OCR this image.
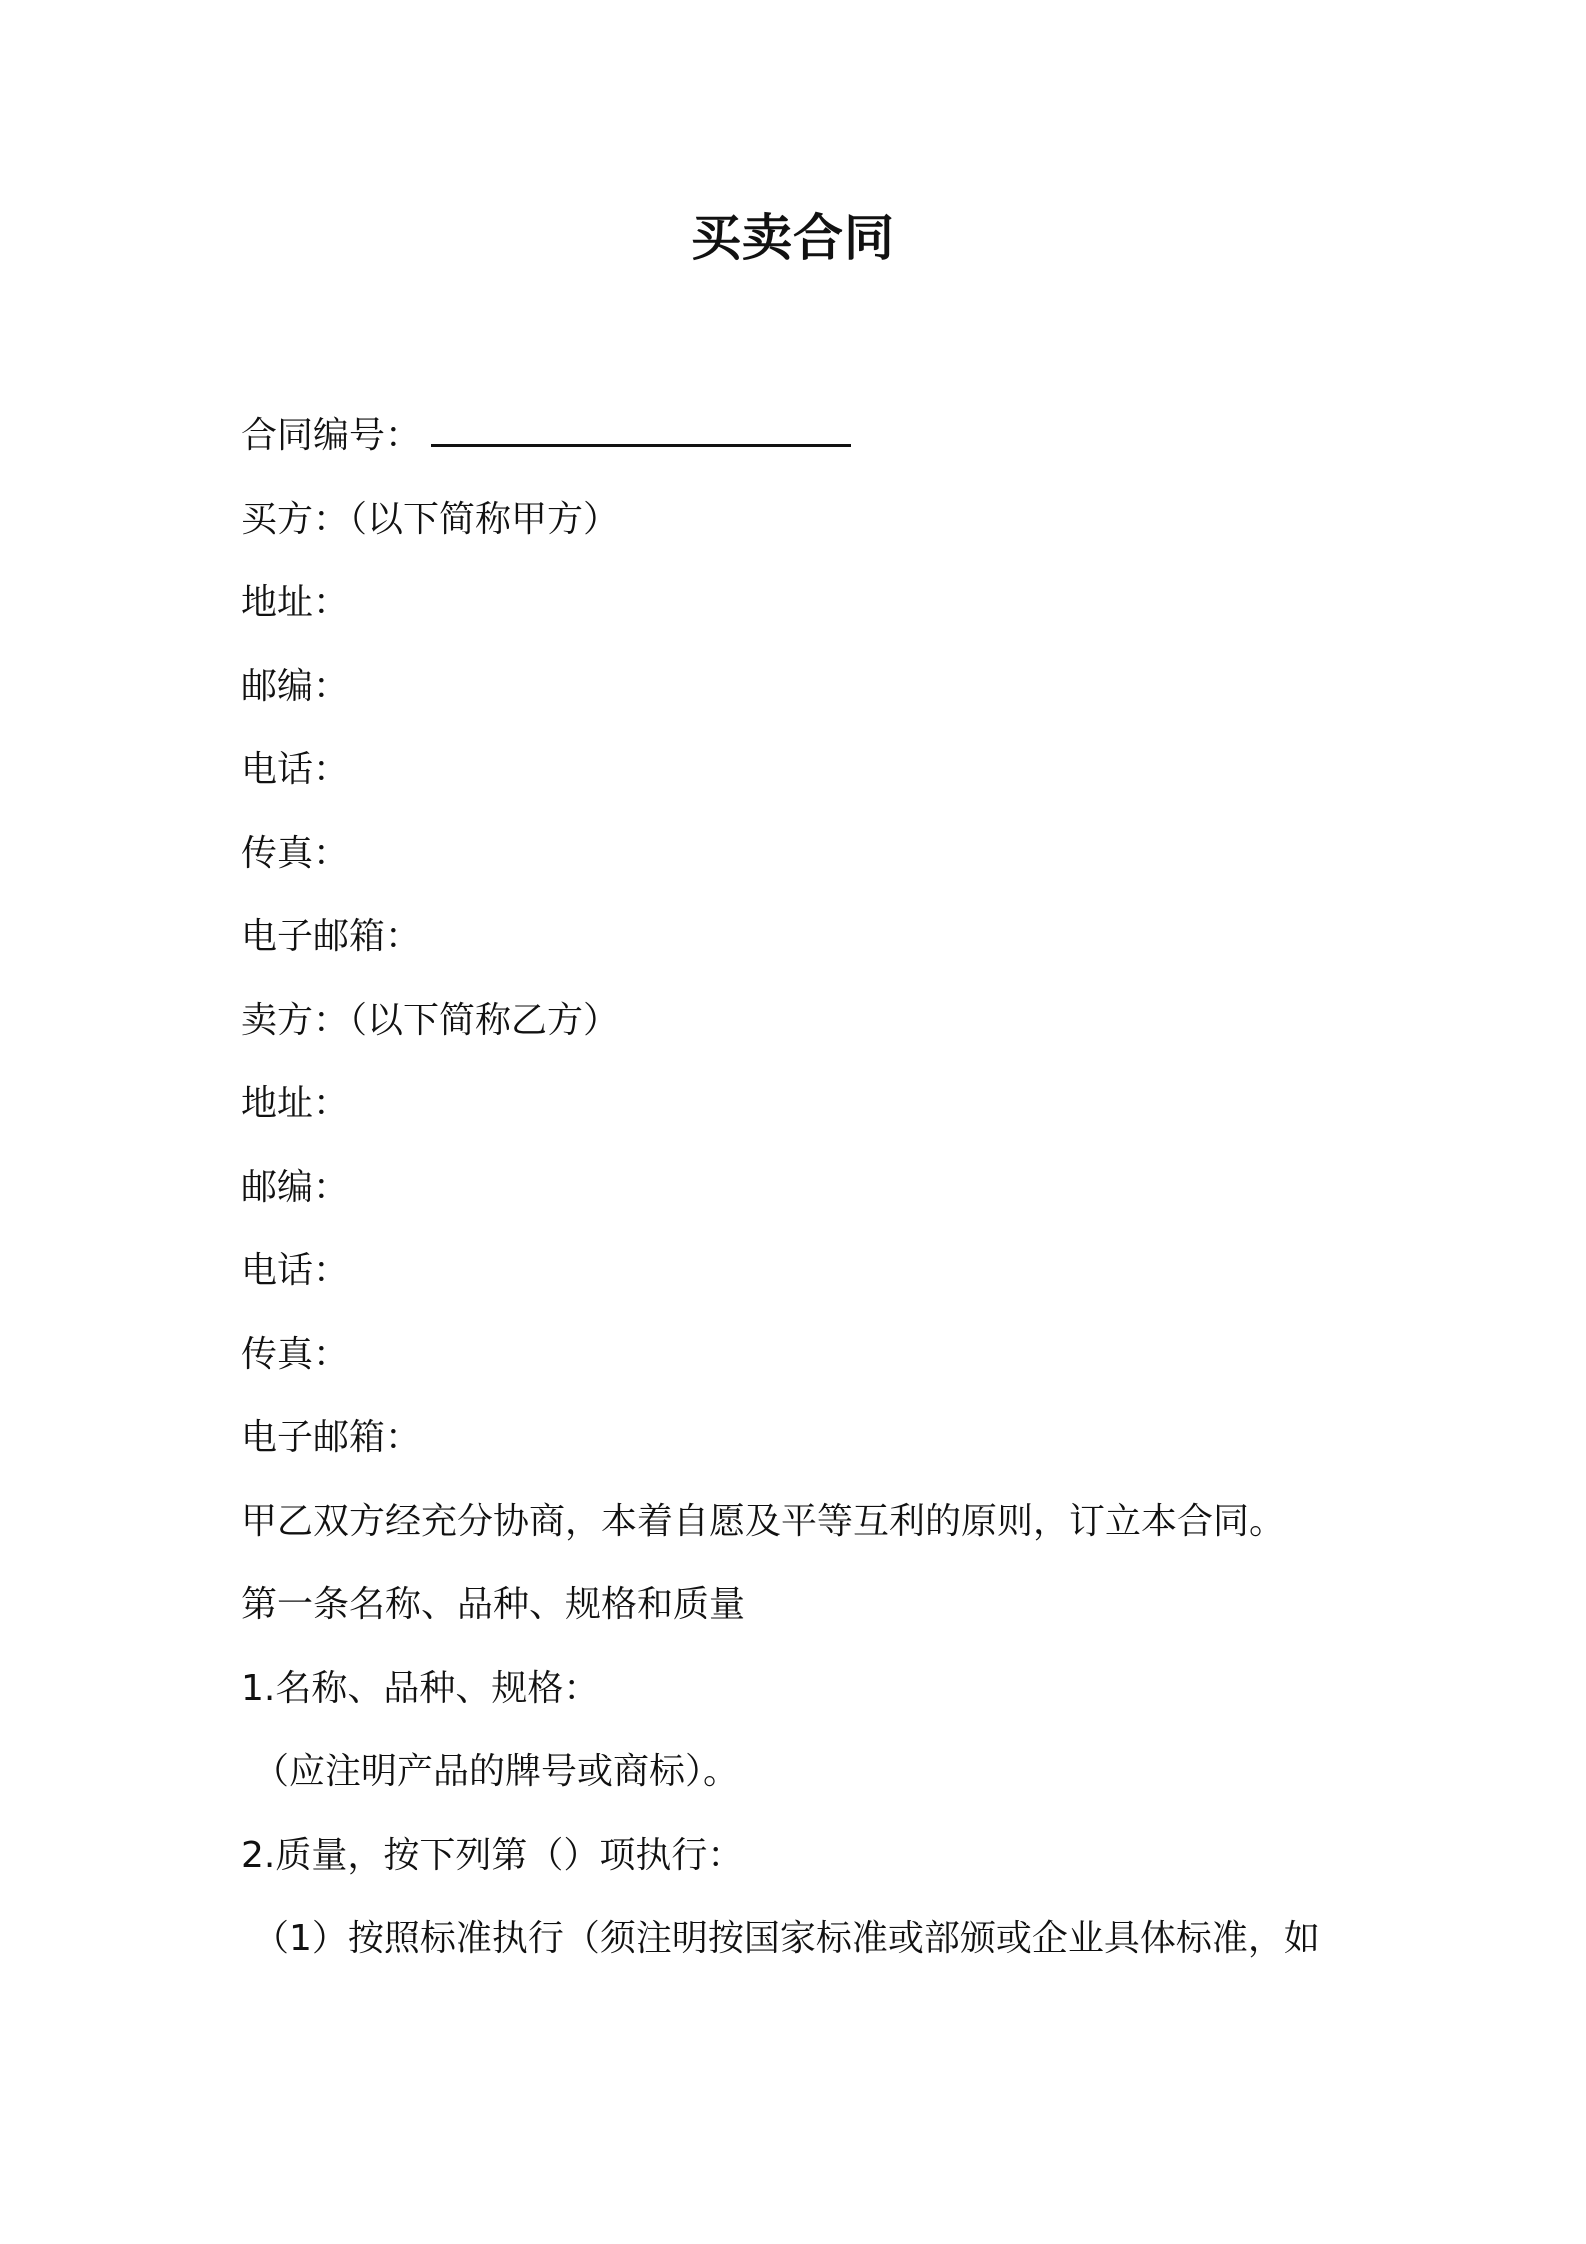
买卖合同
合同编号：
买方：（以下简称甲方）
地址：
邮编：
电话：
传真：
电子邮箱：
卖方：（以下简称乙方）
地址：
邮编：
电话：
传真：
电子邮箱：
甲乙双方经充分协商，本着自愿及平等互利的原则，订立本合同。
第一条名称、品种、规格和质量
1.名称、品种、规格：
（应注明产品的牌号或商标）。
2.质量，按下列第（）项执行：
（1）按照标准执行（须注明按国家标准或部颁或企业具体标准，如
